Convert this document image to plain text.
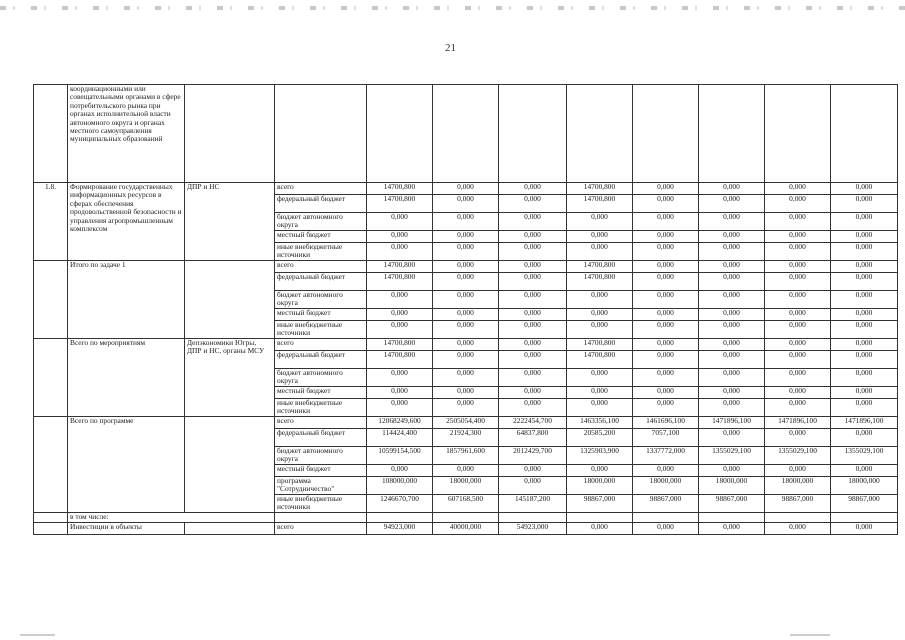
21
	координационными или совещательными органами в сфере потребительского рынка при органах исполнительной власти автономного округа и органах местного самоуправления муниципальных образований										
1.8.	Формирование государственных информационных ресурсов в сферах обеспечения продовольственной безопасности и управления агропромышленным комплексом	ДПР и НС	всего	14700,800	0,000	0,000	14700,800	0,000	0,000	0,000	0,000
			федеральный бюджет	14700,800	0,000	0,000	14700,800	0,000	0,000	0,000	0,000
			бюджет автономного округа	0,000	0,000	0,000	0,000	0,000	0,000	0,000	0,000
			местный бюджет	0,000	0,000	0,000	0,000	0,000	0,000	0,000	0,000
			иные внебюджетные источники	0,000	0,000	0,000	0,000	0,000	0,000	0,000	0,000
	Итого по задаче 1		всего	14700,800	0,000	0,000	14700,800	0,000	0,000	0,000	0,000
			федеральный бюджет	14700,800	0,000	0,000	14700,800	0,000	0,000	0,000	0,000
			бюджет автономного округа	0,000	0,000	0,000	0,000	0,000	0,000	0,000	0,000
			местный бюджет	0,000	0,000	0,000	0,000	0,000	0,000	0,000	0,000
			иные внебюджетные источники	0,000	0,000	0,000	0,000	0,000	0,000	0,000	0,000
	Всего по мероприятиям	Депэкономики Югры, ДПР и НС, органы МСУ	всего	14700,800	0,000	0,000	14700,800	0,000	0,000	0,000	0,000
			федеральный бюджет	14700,800	0,000	0,000	14700,800	0,000	0,000	0,000	0,000
			бюджет автономного округа	0,000	0,000	0,000	0,000	0,000	0,000	0,000	0,000
			местный бюджет	0,000	0,000	0,000	0,000	0,000	0,000	0,000	0,000
			иные внебюджетные источники	0,000	0,000	0,000	0,000	0,000	0,000	0,000	0,000
	Всего по программе		всего	12068249,600	2505054,400	2222454,700	1463356,100	1461696,100	1471896,100	1471896,100	1471896,100
			федеральный бюджет	114424,400	21924,300	64837,800	20585,200	7057,100	0,000	0,000	0,000
			бюджет автономного округа	10599154,500	1857961,600	2012429,700	1325903,900	1337772,000	1355029,100	1355029,100	1355029,100
			местный бюджет	0,000	0,000	0,000	0,000	0,000	0,000	0,000	0,000
			программа "Сотрудничество"	108000,000	18000,000	0,000	18000,000	18000,000	18000,000	18000,000	18000,000
			иные внебюджетные источники	1246670,700	607168,500	145187,200	98867,000	98867,000	98867,000	98867,000	98867,000
	в том числе:										
	Инвестиции в объекты		всего	94923,000	40000,000	54923,000	0,000	0,000	0,000	0,000	0,000
